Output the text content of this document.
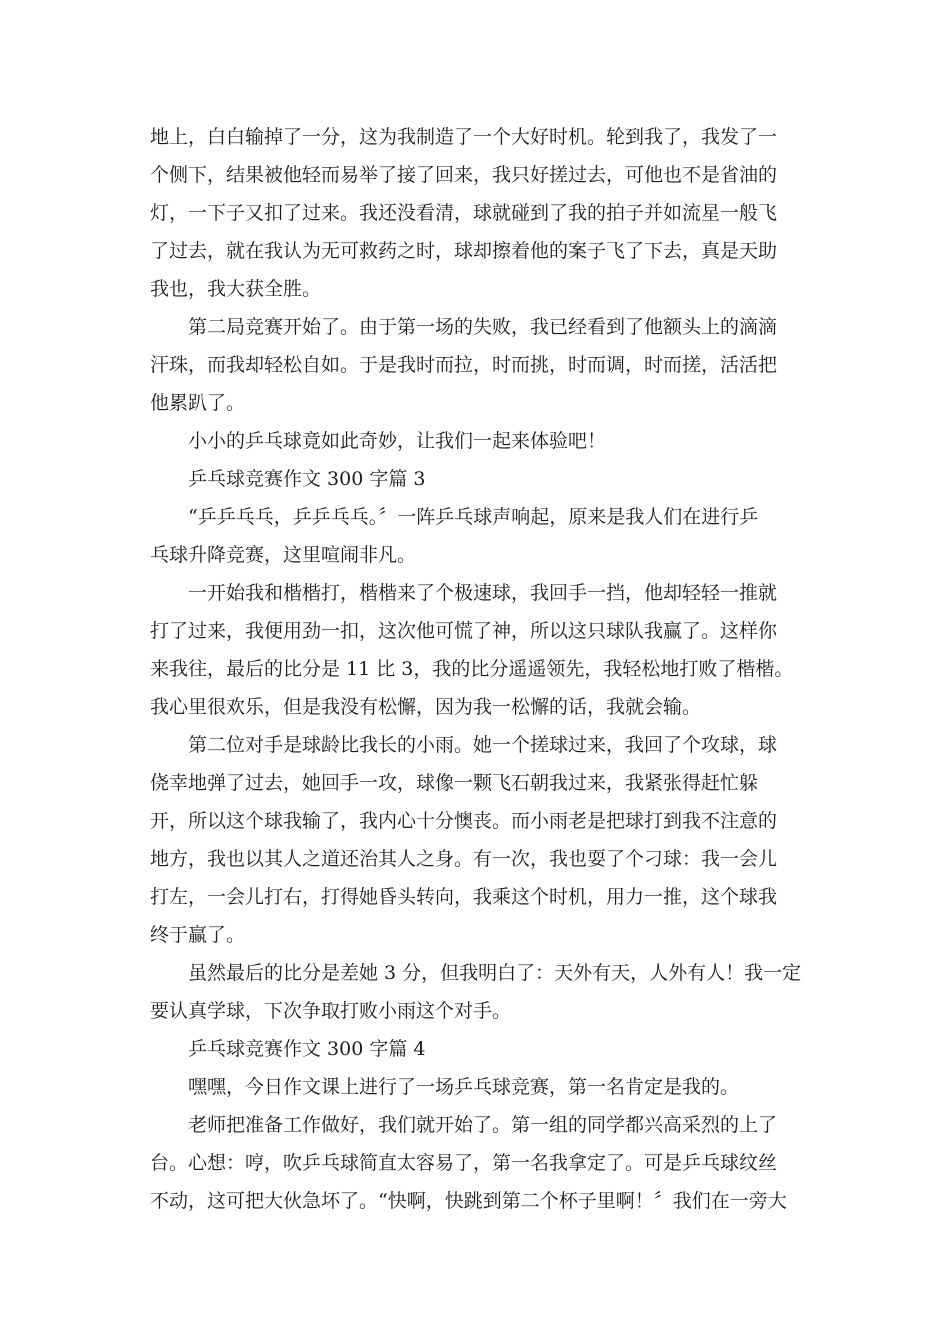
地上，白白输掉了一分，这为我制造了一个大好时机。轮到我了，我发了一
个侧下，结果被他轻而易举了接了回来，我只好搓过去，可他也不是省油的
灯，一下子又扣了过来。我还没看清，球就碰到了我的拍子并如流星一般飞
了过去，就在我认为无可救药之时，球却擦着他的案子飞了下去，真是天助
我也，我大获全胜。
第二局竞赛开始了。由于第一场的失败，我已经看到了他额头上的滴滴
汗珠，而我却轻松自如。于是我时而拉，时而挑，时而调，时而搓，活活把
他累趴了。
小小的乒乓球竟如此奇妙，让我们一起来体验吧！
乒乓球竞赛作文 300 字篇 3
“乒乒乓乓，乒乒乓乓。〞一阵乒乓球声响起，原来是我人们在进行乒
乓球升降竞赛，这里喧闹非凡。
一开始我和楷楷打，楷楷来了个极速球，我回手一挡，他却轻轻一推就
打了过来，我便用劲一扣，这次他可慌了神，所以这只球队我赢了。这样你
来我往，最后的比分是 11 比 3，我的比分遥遥领先，我轻松地打败了楷楷。
我心里很欢乐，但是我没有松懈，因为我一松懈的话，我就会输。
第二位对手是球龄比我长的小雨。她一个搓球过来，我回了个攻球，球
侥幸地弹了过去，她回手一攻，球像一颗飞石朝我过来，我紧张得赶忙躲
开，所以这个球我输了，我内心十分懊丧。而小雨老是把球打到我不注意的
地方，我也以其人之道还治其人之身。有一次，我也耍了个刁球：我一会儿
打左，一会儿打右，打得她昏头转向，我乘这个时机，用力一推，这个球我
终于赢了。
虽然最后的比分是差她 3 分，但我明白了：天外有天，人外有人！我一定
要认真学球，下次争取打败小雨这个对手。
乒乓球竞赛作文 300 字篇 4
嘿嘿，今日作文课上进行了一场乒乓球竞赛，第一名肯定是我的。
老师把准备工作做好，我们就开始了。第一组的同学都兴高采烈的上了
台。心想：哼，吹乒乓球简直太容易了，第一名我拿定了。可是乒乓球纹丝
不动，这可把大伙急坏了。“快啊，快跳到第二个杯子里啊！〞我们在一旁大
